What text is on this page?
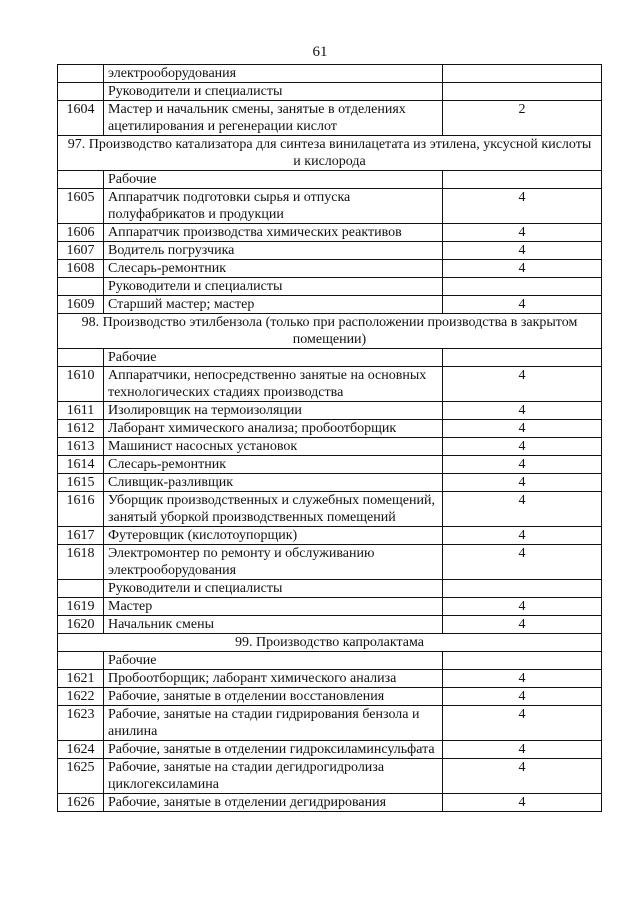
61
	электрооборудования	
	Руководители и специалисты	
1604	Мастер и начальник смены, занятые в отделениях ацетилирования и регенерации кислот	2
97. Производство катализатора для синтеза винилацетата из этилена, уксусной кислоты и кислорода		
	Рабочие	
1605	Аппаратчик подготовки сырья и отпуска полуфабрикатов и продукции	4
1606	Аппаратчик производства химических реактивов	4
1607	Водитель погрузчика	4
1608	Слесарь-ремонтник	4
	Руководители и специалисты	
1609	Старший мастер; мастер	4
98. Производство этилбензола (только при расположении производства в закрытом помещении)		
	Рабочие	
1610	Аппаратчики, непосредственно занятые на основных технологических стадиях производства	4
1611	Изолировщик на термоизоляции	4
1612	Лаборант химического анализа; пробоотборщик	4
1613	Машинист насосных установок	4
1614	Слесарь-ремонтник	4
1615	Сливщик-разливщик	4
1616	Уборщик производственных и служебных помещений, занятый уборкой производственных помещений	4
1617	Футеровщик (кислотоупорщик)	4
1618	Электромонтер по ремонту и обслуживанию электрооборудования	4
	Руководители и специалисты	
1619	Мастер	4
1620	Начальник смены	4
99. Производство капролактама		
	Рабочие	
1621	Пробоотборщик; лаборант химического анализа	4
1622	Рабочие, занятые в отделении восстановления	4
1623	Рабочие, занятые на стадии гидрирования бензола и анилина	4
1624	Рабочие, занятые в отделении гидроксиламинсульфата	4
1625	Рабочие, занятые на стадии дегидрогидролиза циклогексиламина	4
1626	Рабочие, занятые в отделении дегидрирования	4
